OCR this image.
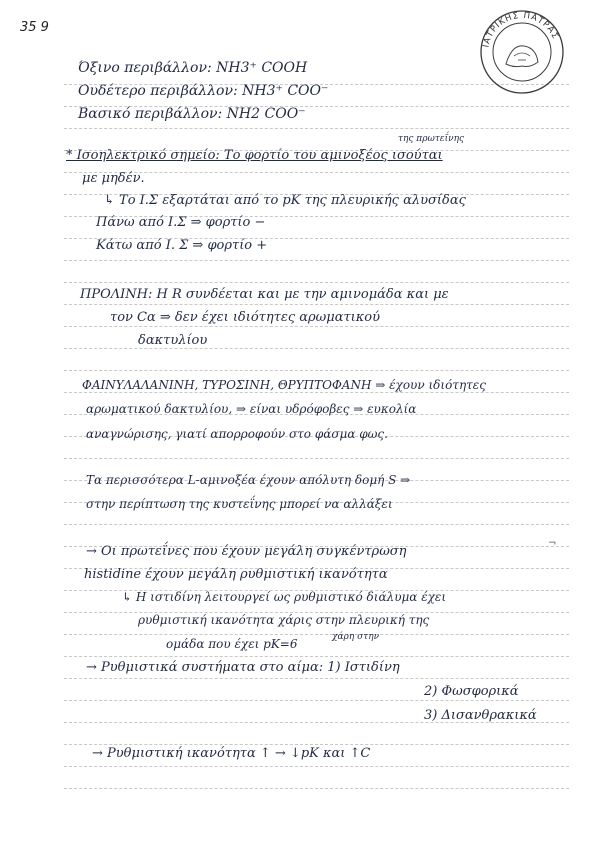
35 9
ΙΑΤΡΙΚΗΣ ΠΑΤΡΑΣ
Όξινο περιβάλλον: NH3⁺ COOH
Ουδέτερο περιβάλλον: NH3⁺ COO⁻
Βασικό περιβάλλον: NH2 COO⁻
της πρωτεΐνης
* Ισοηλεκτρικό σημείο: Το φορτίο του αμινοξέος ισούται
με μηδέν.
↳ Το Ι.Σ εξαρτάται από το pK της πλευρικής αλυσίδας
Πάνω από Ι.Σ ⇒ φορτίο −
Κάτω από Ι. Σ ⇒ φορτίο +
ΠΡΟΛΙΝΗ: Η R συνδέεται και με την αμινομάδα και με
τον Cα ⇒ δεν έχει ιδιότητες αρωματικού
δακτυλίου
ΦΑΙΝΥΛΑΛΑΝΙΝΗ, ΤΥΡΟΣΙΝΗ, ΘΡΥΠΤΟΦΑΝΗ ⇒ έχουν ιδιότητες
αρωματικού δακτυλίου, ⇒ είναι υδρόφοβες ⇒ ευκολία
αναγνώρισης, γιατί απορροφούν στο φάσμα φως.
Τα περισσότερα L-αμινοξέα έχουν απόλυτη δομή S ⇒
στην περίπτωση της κυστεΐνης μπορεί να αλλάξει
→ Οι πρωτεΐνες που έχουν μεγάλη συγκέντρωση
histidine έχουν μεγάλη ρυθμιστική ικανότητα
↳ Η ιστιδίνη λειτουργεί ως ρυθμιστικό διάλυμα έχει
ρυθμιστική ικανότητα χάρις στην πλευρική της
χάρη στην
ομάδα που έχει pK=6
→ Ρυθμιστικά συστήματα στο αίμα: 1) Ιστιδίνη
2) Φωσφορικά
3) Δισανθρακικά
→ Ρυθμιστική ικανότητα ↑ → ↓pK και ↑C
¬
